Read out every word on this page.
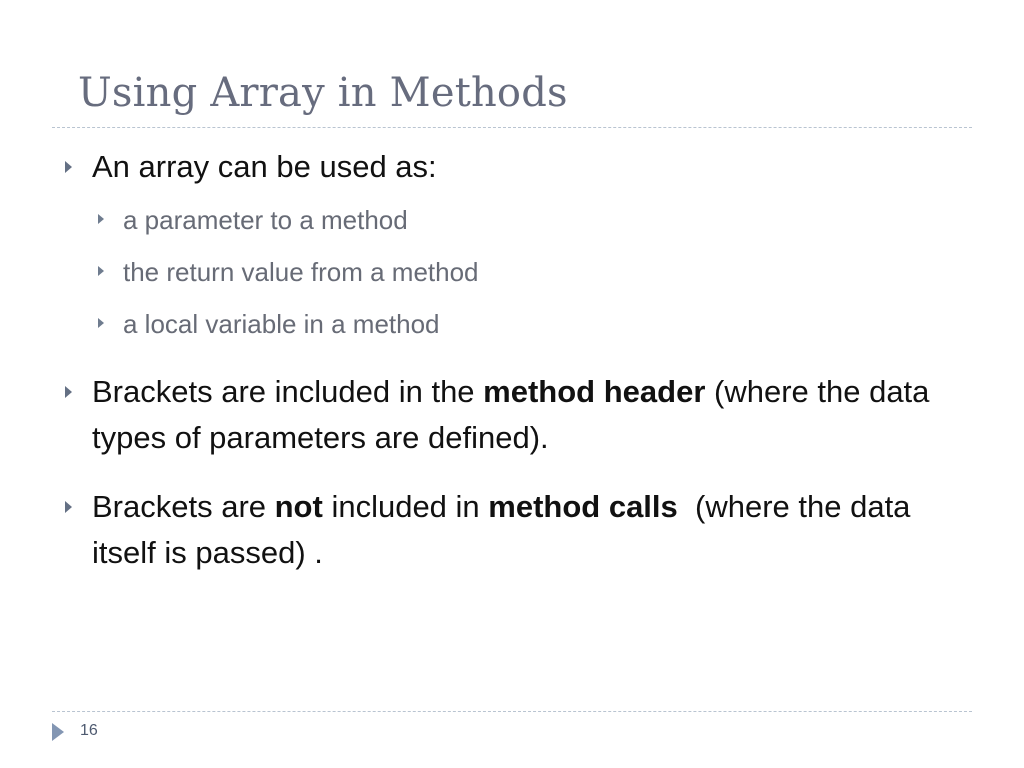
Using Array in Methods
An array can be used as:
a parameter to a method
the return value from a method
a local variable in a method
Brackets are included in the method header (where the data types of parameters are defined).
Brackets are not included in method calls  (where the data itself is passed) .
16
